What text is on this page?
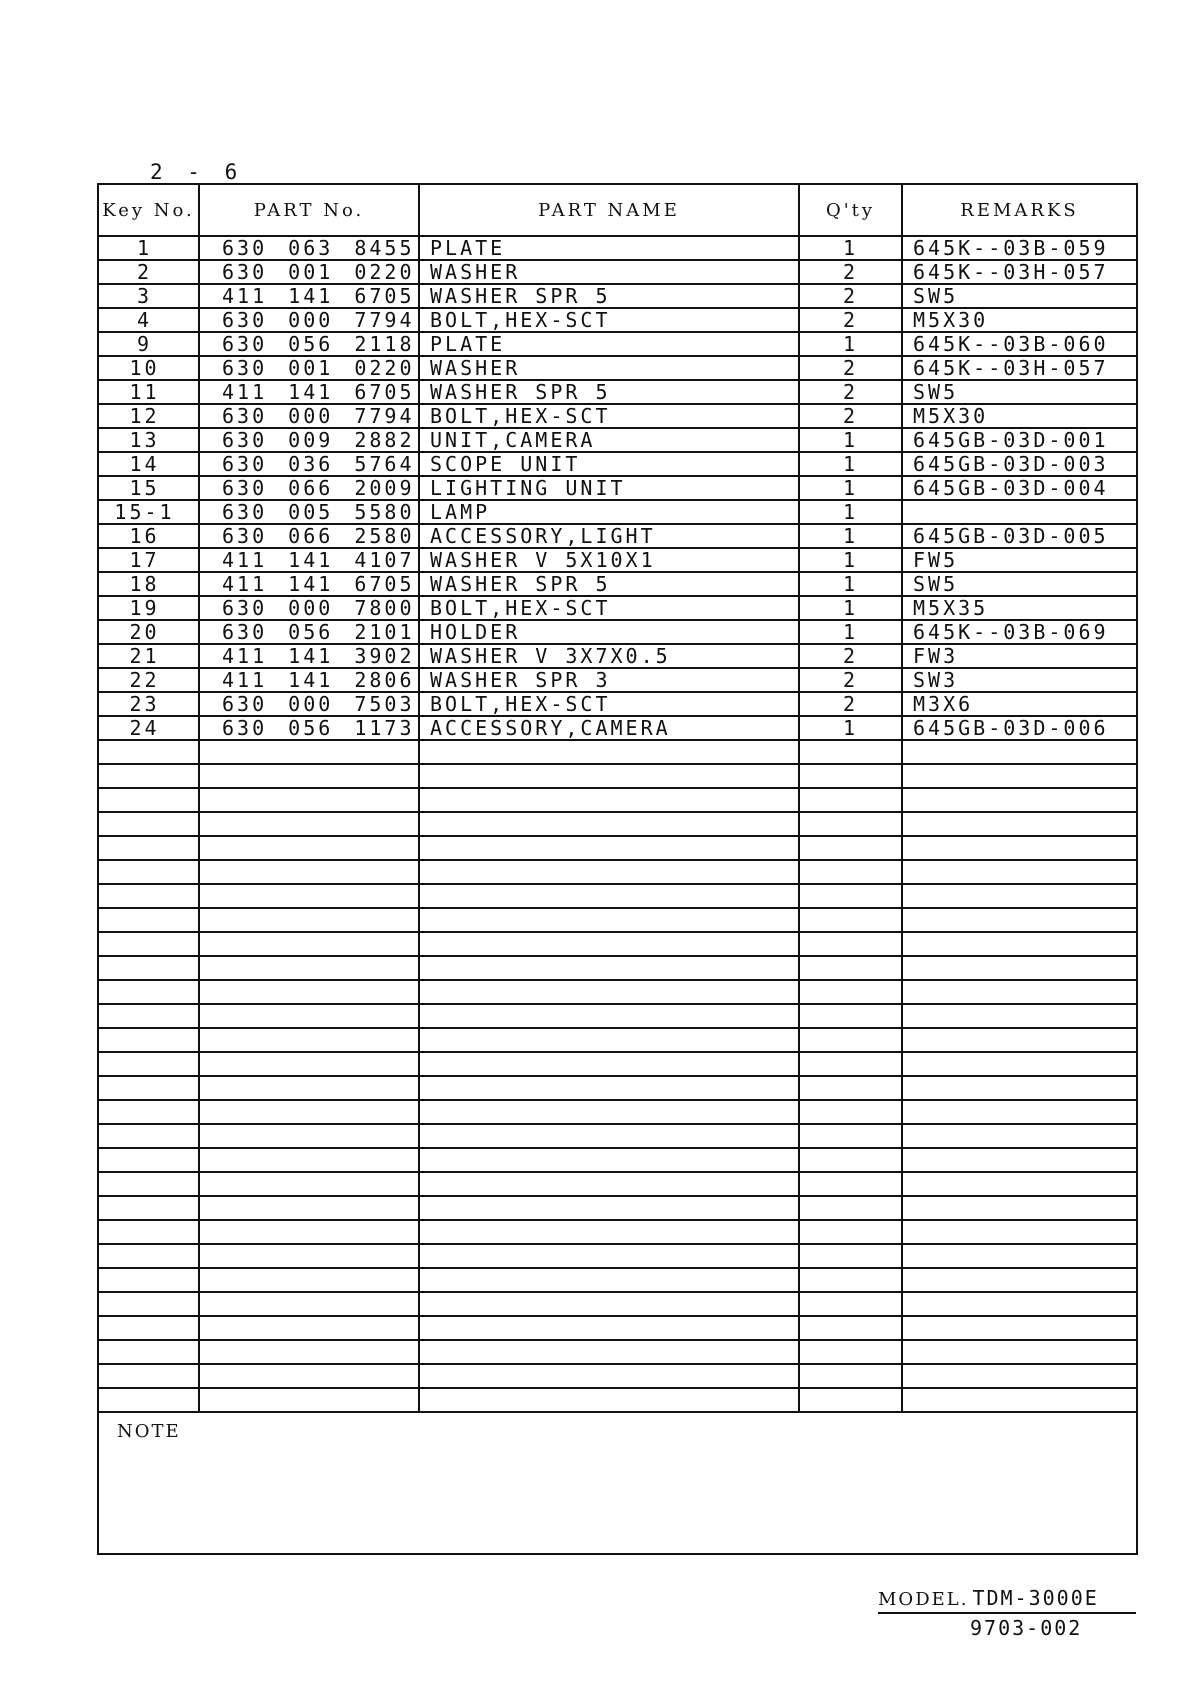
2 - 6
Key No.	PART No.	PART NAME	Q'ty	REMARKS
1	630 063 8455	PLATE	1	645K--03B-059
2	630 001 0220	WASHER	2	645K--03H-057
3	411 141 6705	WASHER SPR 5	2	SW5
4	630 000 7794	BOLT,HEX-SCT	2	M5X30
9	630 056 2118	PLATE	1	645K--03B-060
10	630 001 0220	WASHER	2	645K--03H-057
11	411 141 6705	WASHER SPR 5	2	SW5
12	630 000 7794	BOLT,HEX-SCT	2	M5X30
13	630 009 2882	UNIT,CAMERA	1	645GB-03D-001
14	630 036 5764	SCOPE UNIT	1	645GB-03D-003
15	630 066 2009	LIGHTING UNIT	1	645GB-03D-004
15-1	630 005 5580	LAMP	1	
16	630 066 2580	ACCESSORY,LIGHT	1	645GB-03D-005
17	411 141 4107	WASHER V 5X10X1	1	FW5
18	411 141 6705	WASHER SPR 5	1	SW5
19	630 000 7800	BOLT,HEX-SCT	1	M5X35
20	630 056 2101	HOLDER	1	645K--03B-069
21	411 141 3902	WASHER V 3X7X0.5	2	FW3
22	411 141 2806	WASHER SPR 3	2	SW3
23	630 000 7503	BOLT,HEX-SCT	2	M3X6
24	630 056 1173	ACCESSORY,CAMERA	1	645GB-03D-006

NOTE				
MODEL. TDM-3000E
9703-002
